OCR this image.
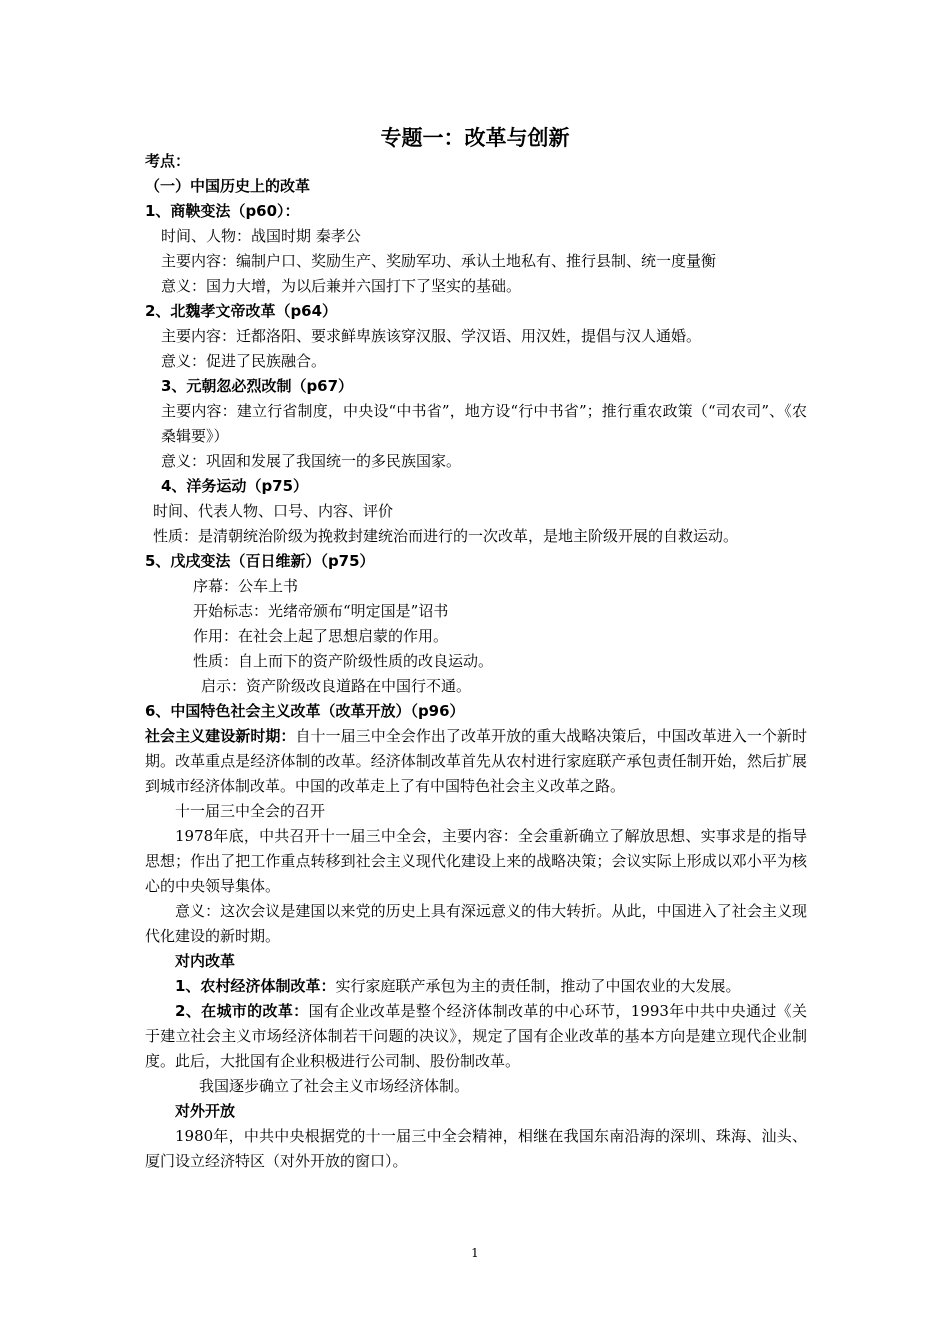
专题一：改革与创新
考点：
（一）中国历史上的改革
1、商鞅变法（p60）：
时间、人物：战国时期 秦孝公
主要内容：编制户口、奖励生产、奖励军功、承认土地私有、推行县制、统一度量衡
意义：国力大增，为以后兼并六国打下了坚实的基础。
2、北魏孝文帝改革（p64）
主要内容：迁都洛阳、要求鲜卑族该穿汉服、学汉语、用汉姓，提倡与汉人通婚。
意义：促进了民族融合。
3、元朝忽必烈改制（p67）
主要内容：建立行省制度，中央设“中书省”，地方设“行中书省”；推行重农政策（“司农司”、《农桑辑要》）
意义：巩固和发展了我国统一的多民族国家。
4、洋务运动（p75）
时间、代表人物、口号、内容、评价
性质：是清朝统治阶级为挽救封建统治而进行的一次改革，是地主阶级开展的自救运动。
5、戊戌变法（百日维新）（p75）
序幕：公车上书
开始标志：光绪帝颁布“明定国是”诏书
作用：在社会上起了思想启蒙的作用。
性质：自上而下的资产阶级性质的改良运动。
启示：资产阶级改良道路在中国行不通。
6、中国特色社会主义改革（改革开放）（p96）
社会主义建设新时期：自十一届三中全会作出了改革开放的重大战略决策后，中国改革进入一个新时期。改革重点是经济体制的改革。经济体制改革首先从农村进行家庭联产承包责任制开始，然后扩展到城市经济体制改革。中国的改革走上了有中国特色社会主义改革之路。
十一届三中全会的召开
1978年底，中共召开十一届三中全会，主要内容：全会重新确立了解放思想、实事求是的指导思想；作出了把工作重点转移到社会主义现代化建设上来的战略决策；会议实际上形成以邓小平为核心的中央领导集体。
意义：这次会议是建国以来党的历史上具有深远意义的伟大转折。从此，中国进入了社会主义现代化建设的新时期。
对内改革
1、农村经济体制改革：实行家庭联产承包为主的责任制，推动了中国农业的大发展。
2、在城市的改革：国有企业改革是整个经济体制改革的中心环节，1993年中共中央通过《关于建立社会主义市场经济体制若干问题的决议》，规定了国有企业改革的基本方向是建立现代企业制度。此后，大批国有企业积极进行公司制、股份制改革。
我国逐步确立了社会主义市场经济体制。
对外开放
1980年，中共中央根据党的十一届三中全会精神，相继在我国东南沿海的深圳、珠海、汕头、厦门设立经济特区（对外开放的窗口）。
1
